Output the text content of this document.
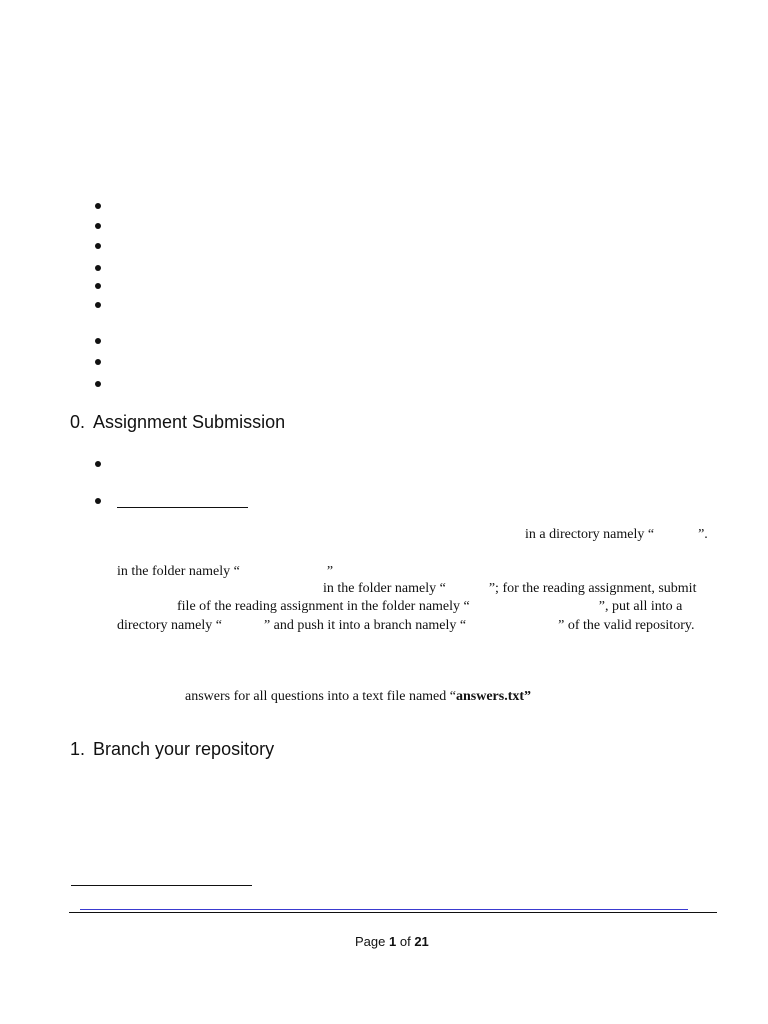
0. Assignment Submission
in a directory namely “	”.
in the folder namely “	”
in the folder namely “	”; for the reading assignment, submit
file of the reading assignment in the folder namely “	”, put all into a
directory namely “	” and push it into a branch namely “	” of the valid repository.
answers for all questions into a text file named “answers.txt”
1. Branch your repository
Page 1 of 21
